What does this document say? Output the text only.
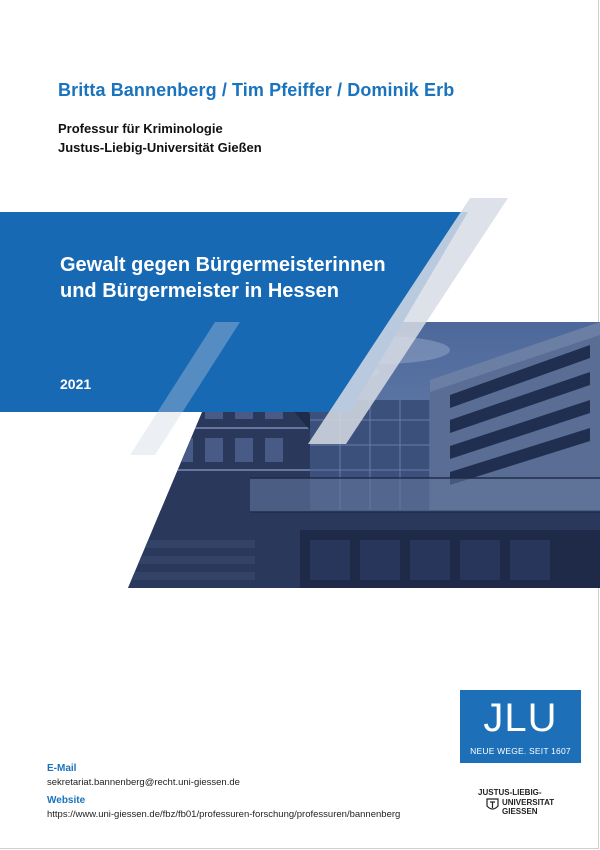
Britta Bannenberg / Tim Pfeiffer / Dominik Erb
Professur für Kriminologie
Justus-Liebig-Universität Gießen
Gewalt gegen Bürgermeisterinnen
und Bürgermeister in Hessen
2021
JLU
NEUE WEGE. SEIT 1607
JUSTUS-LIEBIG-
UNIVERSITAT
GIESSEN
E-Mail
sekretariat.bannenberg@recht.uni-giessen.de
Website
https://www.uni-giessen.de/fbz/fb01/professuren-forschung/professuren/bannenberg
